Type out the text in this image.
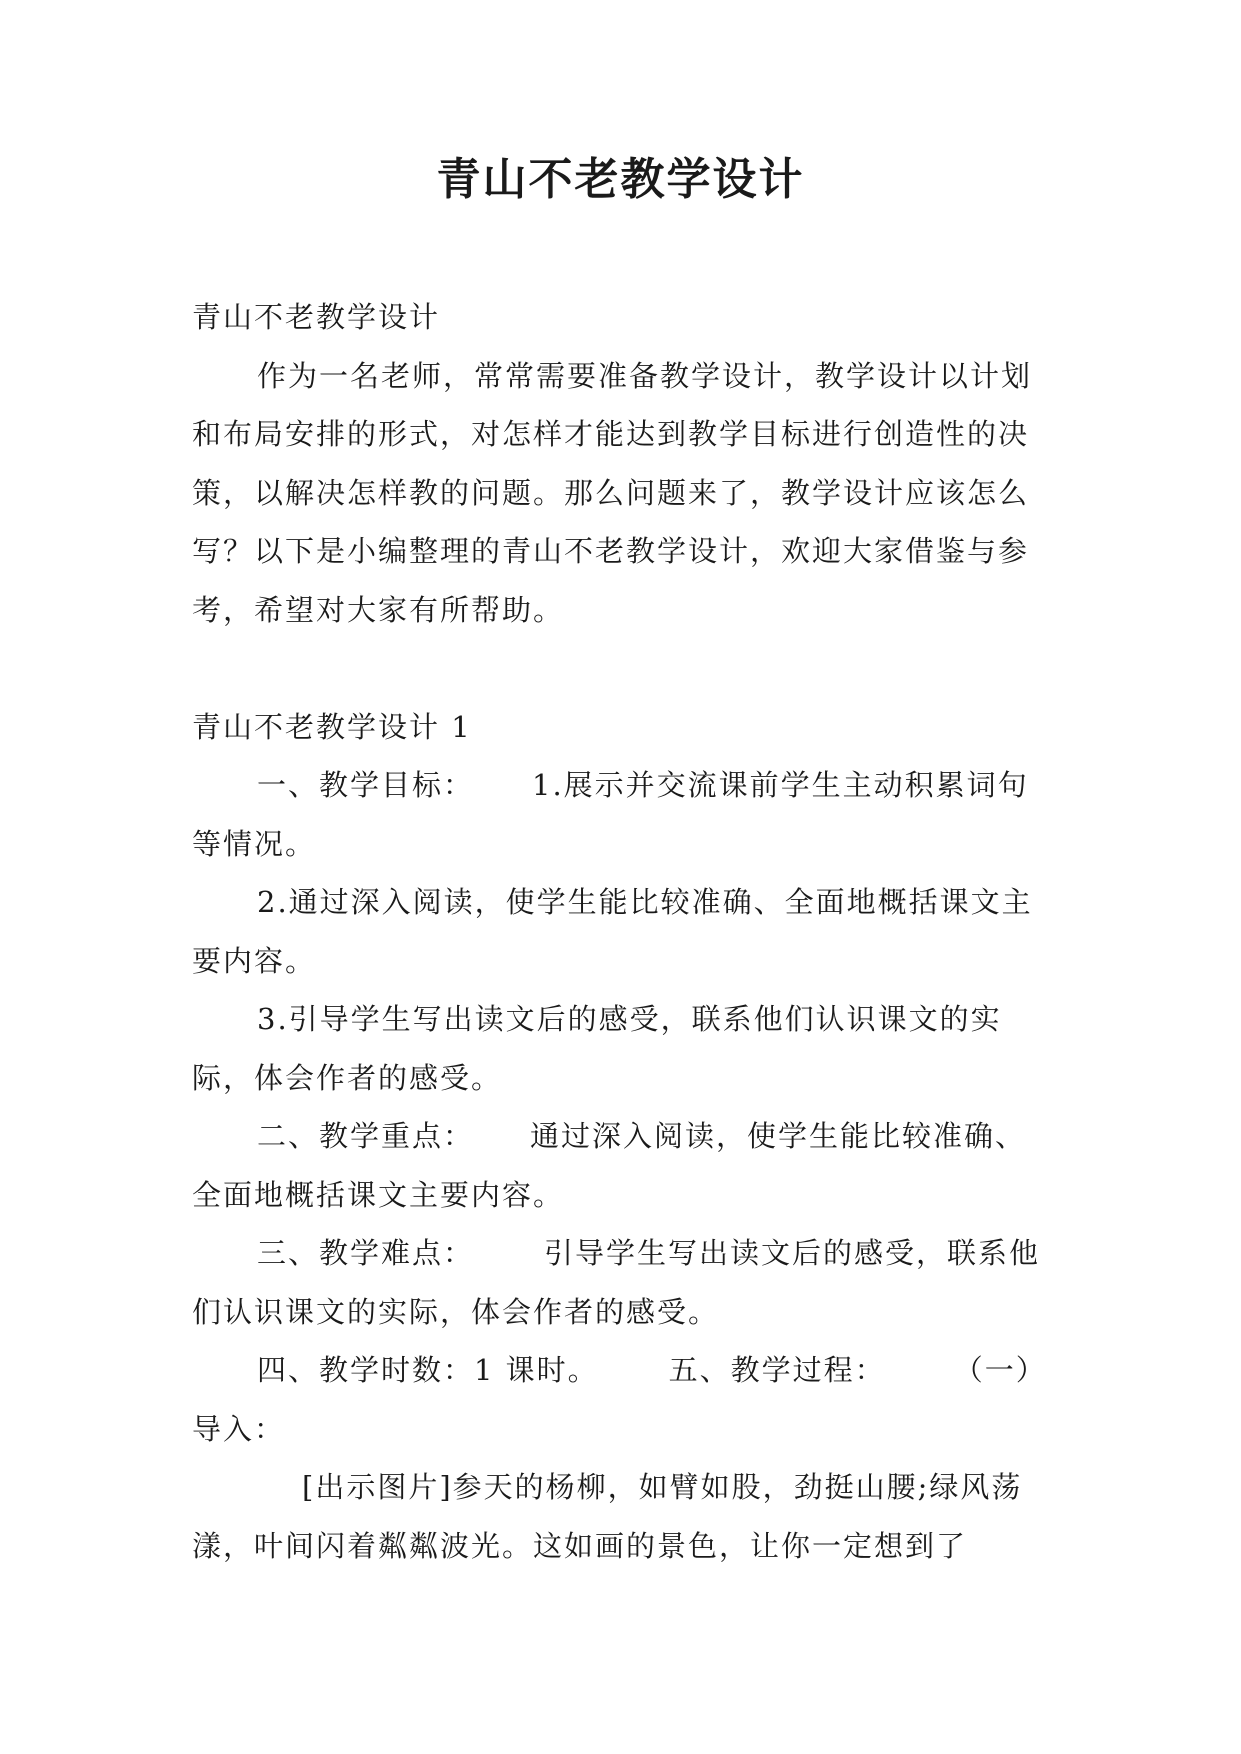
青山不老教学设计

青山不老教学设计

作为一名老师，常常需要准备教学设计，教学设计以计划和布局安排的形式，对怎样才能达到教学目标进行创造性的决策，以解决怎样教的问题。那么问题来了，教学设计应该怎么写？以下是小编整理的青山不老教学设计，欢迎大家借鉴与参考，希望对大家有所帮助。

青山不老教学设计 1

一、教学目标： 1.展示并交流课前学生主动积累词句等情况。

2.通过深入阅读，使学生能比较准确、全面地概括课文主要内容。

3.引导学生写出读文后的感受，联系他们认识课文的实际，体会作者的感受。

二、教学重点： 通过深入阅读，使学生能比较准确、全面地概括课文主要内容。

三、教学难点： 引导学生写出读文后的感受，联系他们认识课文的实际，体会作者的感受。

四、教学时数：1 课时。 五、教学过程： （一）导入：

[出示图片]参天的杨柳，如臂如股，劲挺山腰;绿风荡漾，叶间闪着粼粼波光。这如画的景色，让你一定想到了
